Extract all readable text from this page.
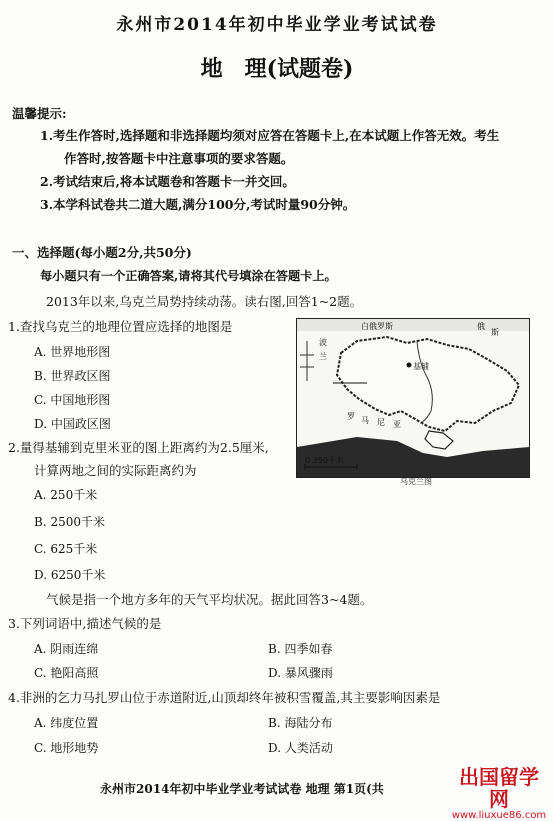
永州市2014年初中毕业学业考试试卷
地 理(试题卷)
温馨提示:
1.考生作答时,选择题和非选择题均须对应答在答题卡上,在本试题上作答无效。考生
作答时,按答题卡中注意事项的要求答题。
2.考试结束后,将本试题卷和答题卡一并交回。
3.本学科试卷共二道大题,满分100分,考试时量90分钟。
一、选择题(每小题2分,共50分)
每小题只有一个正确答案,请将其代号填涂在答题卡上。
2013年以来,乌克兰局势持续动荡。读右图,回答1~2题。
1.查找乌克兰的地理位置应选择的地图是
A. 世界地形图
B. 世界政区图
C. 中国地形图
D. 中国政区图
2.量得基辅到克里米亚的图上距离约为2.5厘米,
计算两地之间的实际距离约为
A. 250千米
B. 2500千米
C. 625千米
D. 6250千米
气候是指一个地方多年的天气平均状况。据此回答3~4题。
3.下列词语中,描述气候的是
A. 阴雨连绵	B. 四季如春
C. 艳阳高照	D. 暴风骤雨
4.非洲的乞力马扎罗山位于赤道附近,山顶却终年被积雪覆盖,其主要影响因素是
A. 纬度位置	B. 海陆分布
C. 地形地势	D. 人类活动
0 250千米
白俄罗斯
波
兰
基辅
罗 马 尼 亚
斯
俄
乌克兰图
永州市2014年初中毕业学业考试试卷 地理 第1页(共	出国留学网
www.liuxue86.com
